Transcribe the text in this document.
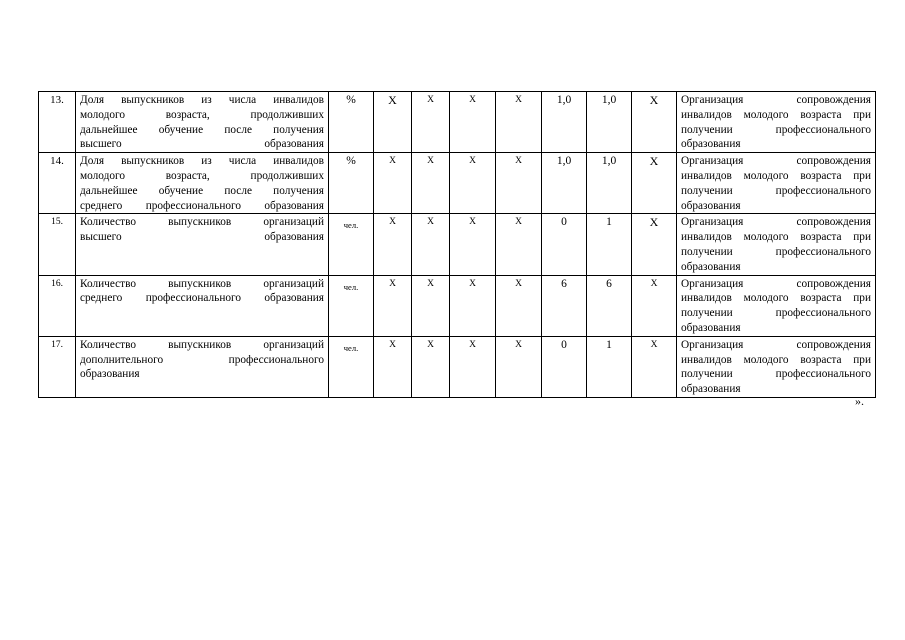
13.	Доля выпускников из числа инвалидов
молодого возраста, продолживших
дальнейшее обучение после получения
высшего образования	%	Х	Х	Х	Х	1,0	1,0	Х	Организация сопровождения
инвалидов молодого возраста при
получении профессионального
образования

14.	Доля выпускников из числа инвалидов
молодого возраста, продолживших
дальнейшее обучение после получения
среднего профессионального образования	%	Х	Х	Х	Х	1,0	1,0	Х	Организация сопровождения
инвалидов молодого возраста при
получении профессионального
образования

15.	Количество выпускников организаций
высшего образования	чел.	Х	Х	Х	Х	0	1	Х	Организация сопровождения
инвалидов молодого возраста при
получении профессионального
образования

16.	Количество выпускников организаций
среднего профессионального образования	чел.	Х	Х	Х	Х	6	6	Х	Организация сопровождения
инвалидов молодого возраста при
получении профессионального
образования

17.	Количество выпускников организаций
дополнительного профессионального
образования	чел.	Х	Х	Х	Х	0	1	Х	Организация сопровождения
инвалидов молодого возраста при
получении профессионального
образования
».
